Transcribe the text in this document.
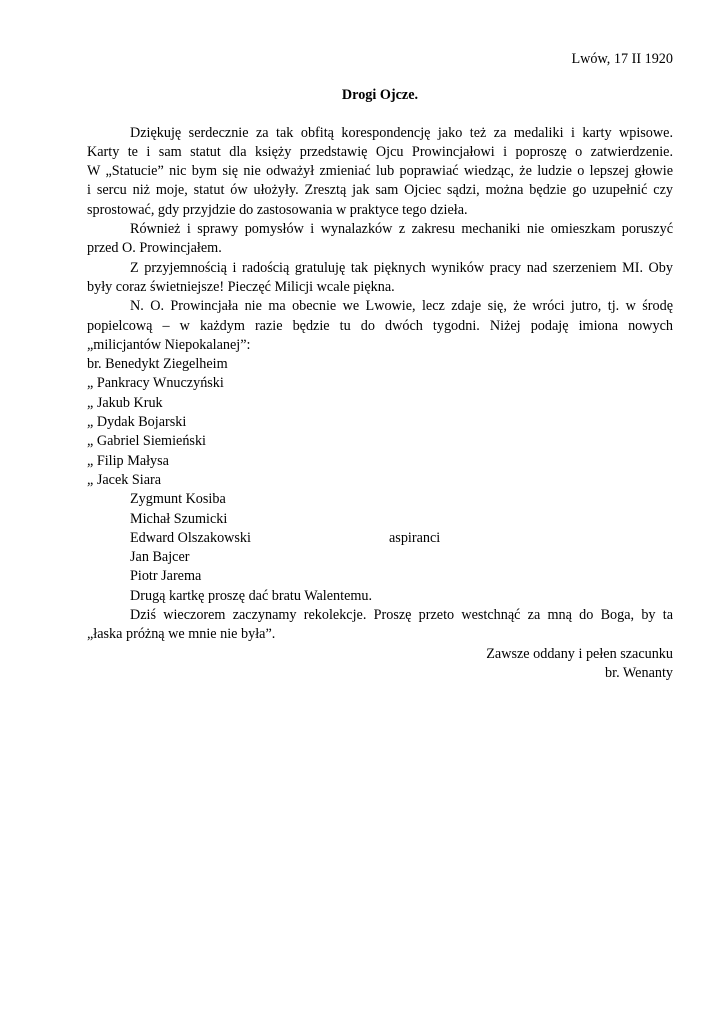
Lwów, 17 II 1920
Drogi Ojcze.
Dziękuję serdecznie za tak obfitą korespondencję jako też za medaliki i karty wpisowe.
Karty te i sam statut dla księży przedstawię Ojcu Prowincjałowi i poproszę o zatwierdzenie.
W „Statucie” nic bym się nie odważył zmieniać lub poprawiać wiedząc, że ludzie o lepszej głowie
i sercu niż moje, statut ów ułożyły. Zresztą jak sam Ojciec sądzi, można będzie go uzupełnić czy
sprostować, gdy przyjdzie do zastosowania w praktyce tego dzieła.
Również i sprawy pomysłów i wynalazków z zakresu mechaniki nie omieszkam poruszyć
przed O. Prowincjałem.
Z przyjemnością i radością gratuluję tak pięknych wyników pracy nad szerzeniem MI. Oby
były coraz świetniejsze! Pieczęć Milicji wcale piękna.
N. O. Prowincjała nie ma obecnie we Lwowie, lecz zdaje się, że wróci jutro, tj. w środę
popielcową – w każdym razie będzie tu do dwóch tygodni. Niżej podaję imiona nowych
„milicjantów Niepokalanej”:
br. Benedykt Ziegelheim
„ Pankracy Wnuczyński
„ Jakub Kruk
„ Dydak Bojarski
„ Gabriel Siemieński
„ Filip Małysa
„ Jacek Siara
Zygmunt Kosiba
Michał Szumicki
Edward Olszakowski	aspiranci
Jan Bajcer
Piotr Jarema
Drugą kartkę proszę dać bratu Walentemu.
Dziś wieczorem zaczynamy rekolekcje. Proszę przeto westchnąć za mną do Boga, by ta
„łaska próżną we mnie nie była”.
Zawsze oddany i pełen szacunku
br. Wenanty
